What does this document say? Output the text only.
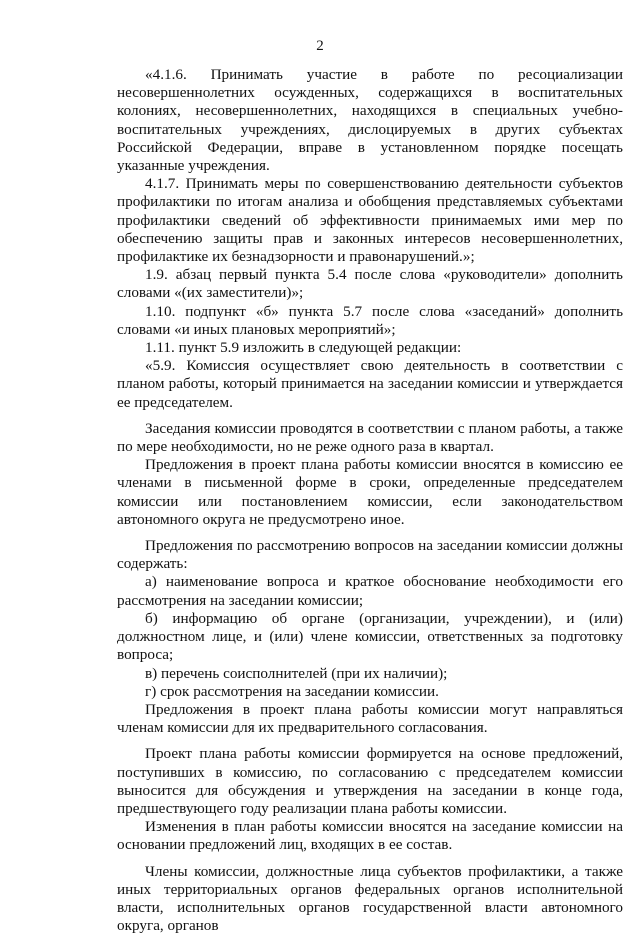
2

«4.1.6. Принимать участие в работе по ресоциализации несовершеннолетних осужденных, содержащихся в воспитательных колониях, несовершеннолетних, находящихся в специальных учебно-воспитательных учреждениях, дислоцируемых в других субъектах Российской Федерации, вправе в установленном порядке посещать указанные учреждения.

4.1.7. Принимать меры по совершенствованию деятельности субъектов профилактики по итогам анализа и обобщения представляемых субъектами профилактики сведений об эффективности принимаемых ими мер по обеспечению защиты прав и законных интересов несовершеннолетних, профилактике их безнадзорности и правонарушений.»;

1.9. абзац первый пункта 5.4 после слова «руководители» дополнить словами «(их заместители)»;

1.10. подпункт «б» пункта 5.7 после слова «заседаний» дополнить словами «и иных плановых мероприятий»;

1.11. пункт 5.9 изложить в следующей редакции:

«5.9. Комиссия осуществляет свою деятельность в соответствии с планом работы, который принимается на заседании комиссии и утверждается ее председателем.

Заседания комиссии проводятся в соответствии с планом работы, а также по мере необходимости, но не реже одного раза в квартал.

Предложения в проект плана работы комиссии вносятся в комиссию ее членами в письменной форме в сроки, определенные председателем комиссии или постановлением комиссии, если законодательством автономного округа не предусмотрено иное.

Предложения по рассмотрению вопросов на заседании комиссии должны содержать:

а) наименование вопроса и краткое обоснование необходимости его рассмотрения на заседании комиссии;

б) информацию об органе (организации, учреждении), и (или) должностном лице, и (или) члене комиссии, ответственных за подготовку вопроса;

в) перечень соисполнителей (при их наличии);

г) срок рассмотрения на заседании комиссии.

Предложения в проект плана работы комиссии могут направляться членам комиссии для их предварительного согласования.

Проект плана работы комиссии формируется на основе предложений, поступивших в комиссию, по согласованию с председателем комиссии выносится для обсуждения и утверждения на заседании в конце года, предшествующего году реализации плана работы комиссии.

Изменения в план работы комиссии вносятся на заседание комиссии на основании предложений лиц, входящих в ее состав.

Члены комиссии, должностные лица субъектов профилактики, а также иных территориальных органов федеральных органов исполнительной власти, исполнительных органов государственной власти автономного округа, органов
